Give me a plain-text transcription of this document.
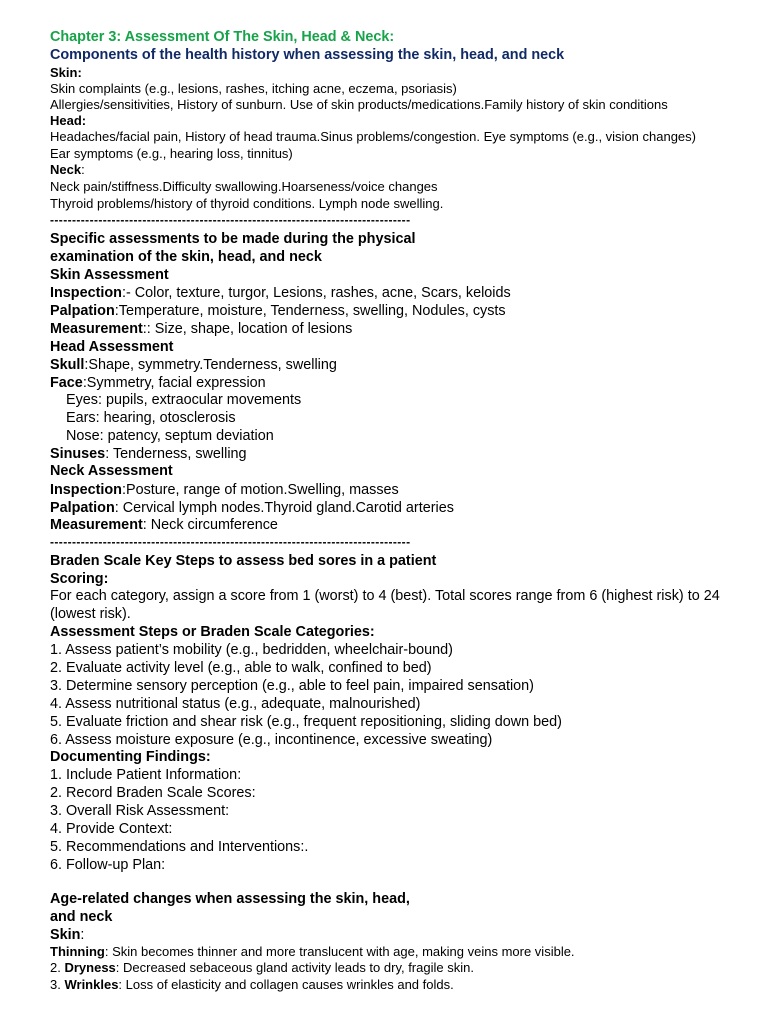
Chapter 3: Assessment Of The Skin, Head & Neck:
Components of the health history when assessing the skin, head, and neck
Skin:
Skin complaints (e.g., lesions, rashes, itching acne, eczema, psoriasis)
Allergies/sensitivities, History of sunburn. Use of skin products/medications.Family history of skin conditions
Head:
Headaches/facial pain, History of head trauma.Sinus problems/congestion. Eye symptoms (e.g., vision changes)
Ear symptoms (e.g., hearing loss, tinnitus)
Neck:
Neck pain/stiffness.Difficulty swallowing.Hoarseness/voice changes
Thyroid problems/history of thyroid conditions. Lymph node swelling.
----------------------------------------------------------------------------------
Specific assessments to be made during the physical
examination of the skin, head, and neck
Skin Assessment
Inspection:- Color, texture, turgor, Lesions, rashes, acne, Scars, keloids
Palpation:Temperature, moisture, Tenderness, swelling, Nodules, cysts
Measurement:: Size, shape, location of lesions
Head Assessment
Skull:Shape, symmetry.Tenderness, swelling
Face:Symmetry, facial expression
Eyes: pupils, extraocular movements
Ears: hearing, otosclerosis
Nose: patency, septum deviation
Sinuses: Tenderness, swelling
Neck Assessment
Inspection:Posture, range of motion.Swelling, masses
Palpation: Cervical lymph nodes.Thyroid gland.Carotid arteries
Measurement: Neck circumference
----------------------------------------------------------------------------------
Braden Scale Key Steps to assess bed sores in a patient
Scoring:
For each category, assign a score from 1 (worst) to 4 (best). Total scores range from 6 (highest risk) to 24 (lowest risk).
Assessment Steps or Braden Scale Categories:
1. Assess patient’s mobility (e.g., bedridden, wheelchair-bound)
2. Evaluate activity level (e.g., able to walk, confined to bed)
3. Determine sensory perception (e.g., able to feel pain, impaired sensation)
4. Assess nutritional status (e.g., adequate, malnourished)
5. Evaluate friction and shear risk (e.g., frequent repositioning, sliding down bed)
6. Assess moisture exposure (e.g., incontinence, excessive sweating)
Documenting Findings:
1. Include Patient Information:
2. Record Braden Scale Scores:
3. Overall Risk Assessment:
4. Provide Context:
5. Recommendations and Interventions:.
6. Follow-up Plan:
Age-related changes when assessing the skin, head,
and neck
Skin:
Thinning: Skin becomes thinner and more translucent with age, making veins more visible.
2. Dryness: Decreased sebaceous gland activity leads to dry, fragile skin.
3. Wrinkles: Loss of elasticity and collagen causes wrinkles and folds.
